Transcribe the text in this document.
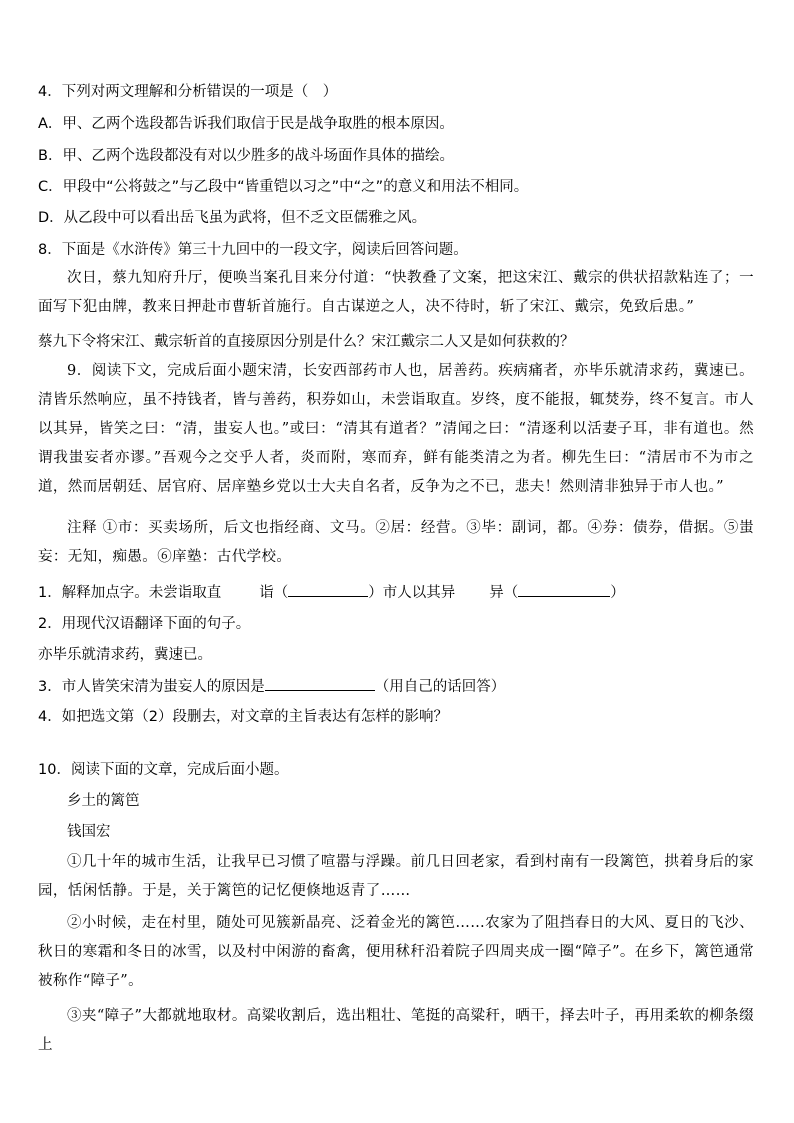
4．下列对两文理解和分析错误的一项是（　）
A．甲、乙两个选段都告诉我们取信于民是战争取胜的根本原因。
B．甲、乙两个选段都没有对以少胜多的战斗场面作具体的描绘。
C．甲段中“公将鼓之”与乙段中“皆重铠以习之”中“之”的意义和用法不相同。
D．从乙段中可以看出岳飞虽为武将，但不乏文臣儒雅之风。
8．下面是《水浒传》第三十九回中的一段文字，阅读后回答问题。
次日，蔡九知府升厅，便唤当案孔目来分付道：“快教叠了文案，把这宋江、戴宗的供状招款粘连了；一面写下犯由牌，教来日押赴市曹斩首施行。自古谋逆之人，决不待时，斩了宋江、戴宗，免致后患。”
蔡九下令将宋江、戴宗斩首的直接原因分别是什么？宋江戴宗二人又是如何获救的？
9．阅读下文，完成后面小题宋清，长安西部药市人也，居善药。疾病痛者，亦毕乐就清求药，冀速已。清皆乐然响应，虽不持钱者，皆与善药，积券如山，未尝诣取直。岁终，度不能报，辄焚券，终不复言。市人以其异，皆笑之曰：“清，蚩妄人也。”或曰：“清其有道者？”清闻之曰：“清逐利以活妻子耳，非有道也。然谓我蚩妄者亦谬。”吾观今之交乎人者，炎而附，寒而弃，鲜有能类清之为者。柳先生曰：“清居市不为市之道，然而居朝廷、居官府、居庠塾乡党以士大夫自名者，反争为之不已，悲夫！然则清非独异于市人也。”
注释 ①市：买卖场所，后文也指经商、文马。②居：经营。③毕：副词，都。④券：债券，借据。⑤蚩妄：无知，痴愚。⑥庠塾：古代学校。
1．解释加点字。未尝诣取直	诣（	）市人以其异 异（	）
2．用现代汉语翻译下面的句子。
亦毕乐就清求药，冀速已。
3．市人皆笑宋清为蚩妄人的原因是	（用自己的话回答）
4．如把选文第（2）段删去，对文章的主旨表达有怎样的影响？
10．阅读下面的文章，完成后面小题。
乡土的篱笆
钱国宏
①几十年的城市生活，让我早已习惯了喧嚣与浮躁。前几日回老家，看到村南有一段篱笆，拱着身后的家园，恬闲恬静。于是，关于篱笆的记忆便倏地返青了……
②小时候，走在村里，随处可见簇新晶亮、泛着金光的篱笆……农家为了阻挡春日的大风、夏日的飞沙、秋日的寒霜和冬日的冰雪，以及村中闲游的畜禽，便用秫秆沿着院子四周夹成一圈“障子”。在乡下，篱笆通常被称作“障子”。
③夹“障子”大都就地取材。高粱收割后，选出粗壮、笔挺的高粱秆，晒干，择去叶子，再用柔软的柳条缀上
